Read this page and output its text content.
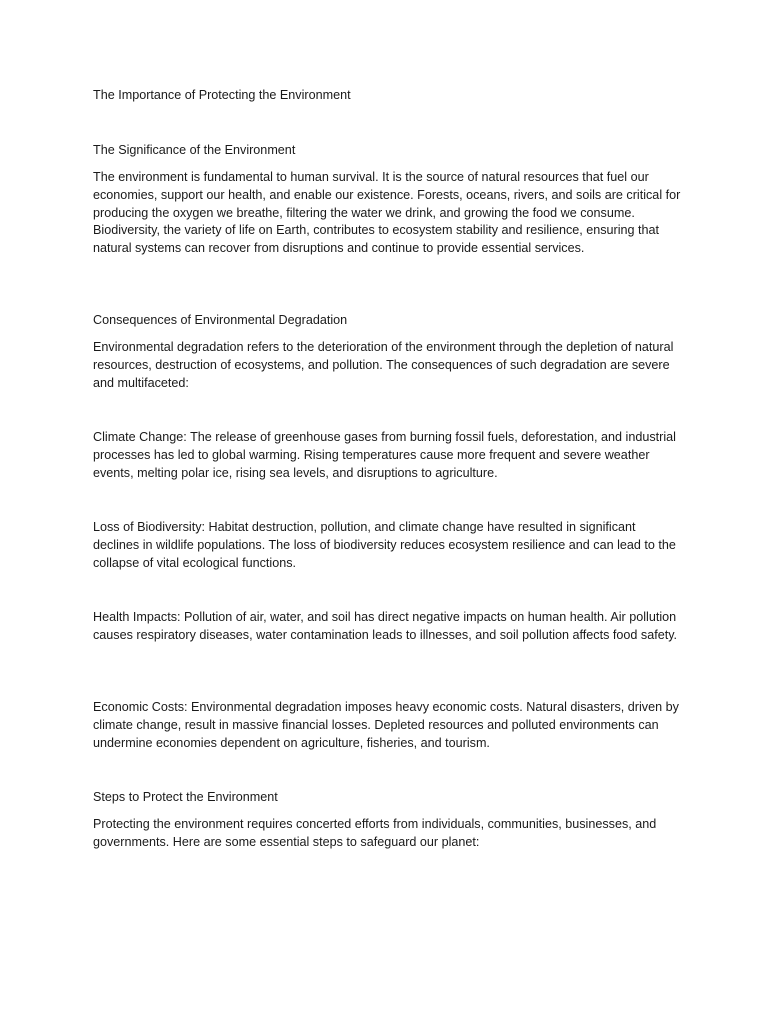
The Importance of Protecting the Environment
The Significance of the Environment

The environment is fundamental to human survival. It is the source of natural resources that fuel our economies, support our health, and enable our existence. Forests, oceans, rivers, and soils are critical for producing the oxygen we breathe, filtering the water we drink, and growing the food we consume. Biodiversity, the variety of life on Earth, contributes to ecosystem stability and resilience, ensuring that natural systems can recover from disruptions and continue to provide essential services.

Consequences of Environmental Degradation

Environmental degradation refers to the deterioration of the environment through the depletion of natural resources, destruction of ecosystems, and pollution. The consequences of such degradation are severe and multifaceted:

Climate Change: The release of greenhouse gases from burning fossil fuels, deforestation, and industrial processes has led to global warming. Rising temperatures cause more frequent and severe weather events, melting polar ice, rising sea levels, and disruptions to agriculture.

Loss of Biodiversity: Habitat destruction, pollution, and climate change have resulted in significant declines in wildlife populations. The loss of biodiversity reduces ecosystem resilience and can lead to the collapse of vital ecological functions.

Health Impacts: Pollution of air, water, and soil has direct negative impacts on human health. Air pollution causes respiratory diseases, water contamination leads to illnesses, and soil pollution affects food safety.

Economic Costs: Environmental degradation imposes heavy economic costs. Natural disasters, driven by climate change, result in massive financial losses. Depleted resources and polluted environments can undermine economies dependent on agriculture, fisheries, and tourism.

Steps to Protect the Environment

Protecting the environment requires concerted efforts from individuals, communities, businesses, and governments. Here are some essential steps to safeguard our planet:
